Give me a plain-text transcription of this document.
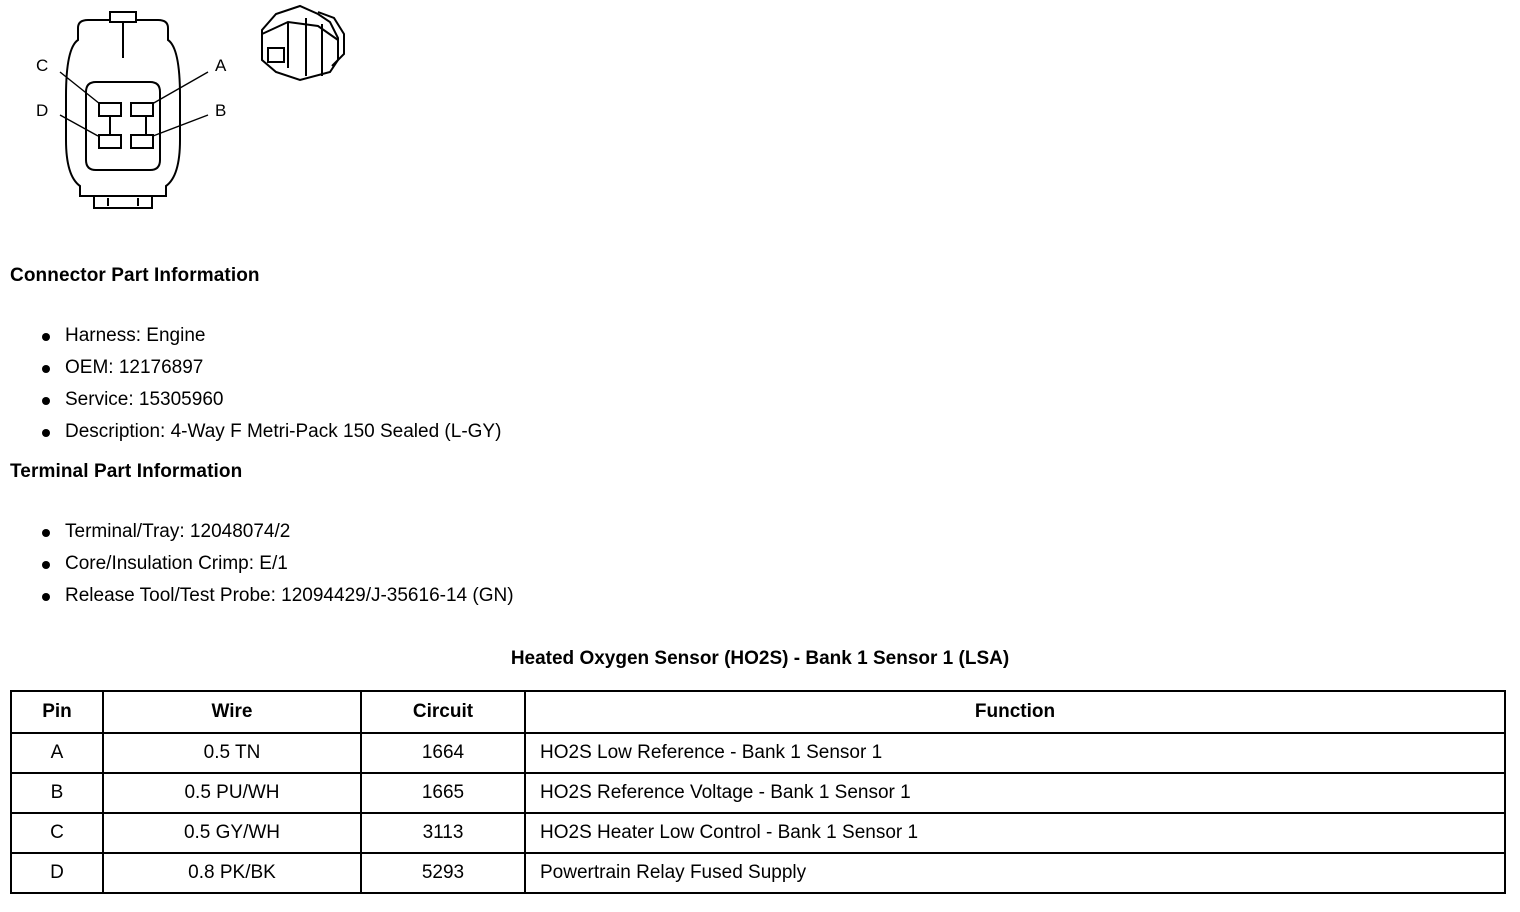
C	A
D	B
Connector Part Information
Harness: Engine
OEM: 12176897
Service: 15305960
Description: 4-Way F Metri-Pack 150 Sealed (L-GY)
Terminal Part Information
Terminal/Tray: 12048074/2
Core/Insulation Crimp: E/1
Release Tool/Test Probe: 12094429/J-35616-14 (GN)
Heated Oxygen Sensor (HO2S) - Bank 1 Sensor 1 (LSA)
Pin	Wire	Circuit	Function
A	0.5 TN	1664	HO2S Low Reference - Bank 1 Sensor 1
B	0.5 PU/WH	1665	HO2S Reference Voltage - Bank 1 Sensor 1
C	0.5 GY/WH	3113	HO2S Heater Low Control - Bank 1 Sensor 1
D	0.8 PK/BK	5293	Powertrain Relay Fused Supply
